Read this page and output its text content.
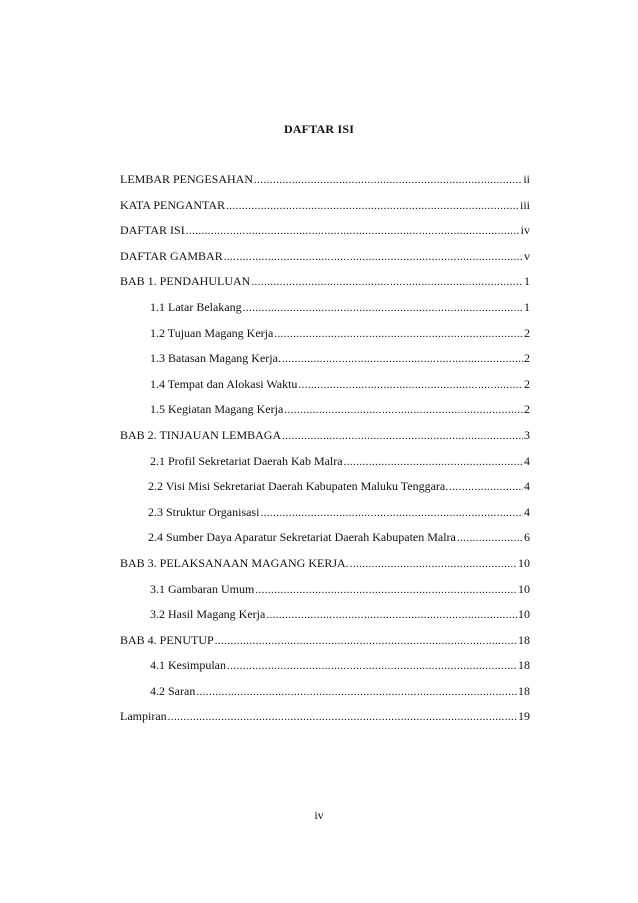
DAFTAR ISI
LEMBAR PENGESAHAN .....	ii
KATA PENGANTAR .....	iii
DAFTAR ISI .....	iv
DAFTAR GAMBAR .....	v
BAB 1. PENDAHULUAN .....	1
1.1 Latar Belakang .....	1
1.2 Tujuan Magang Kerja .....	2
1.3 Batasan Magang Kerja. .....	2
1.4 Tempat dan Alokasi Waktu .....	2
1.5 Kegiatan Magang Kerja .....	2
BAB 2. TINJAUAN LEMBAGA .....	3
2.1 Profil Sekretariat Daerah Kab Malra .....	4
2.2 Visi Misi Sekretariat Daerah Kabupaten Maluku Tenggara. .....	4
2.3 Struktur Organisasi .....	4
2.4 Sumber Daya Aparatur Sekretariat Daerah Kabupaten Malra .....	6
BAB 3. PELAKSANAAN MAGANG KERJA. .....	10
3.1 Gambaran Umum .....	10
3.2 Hasil Magang Kerja .....	10
BAB 4. PENUTUP .....	18
4.1 Kesimpulan .....	18
4.2 Saran .....	18
Lampiran .....	19
iv
